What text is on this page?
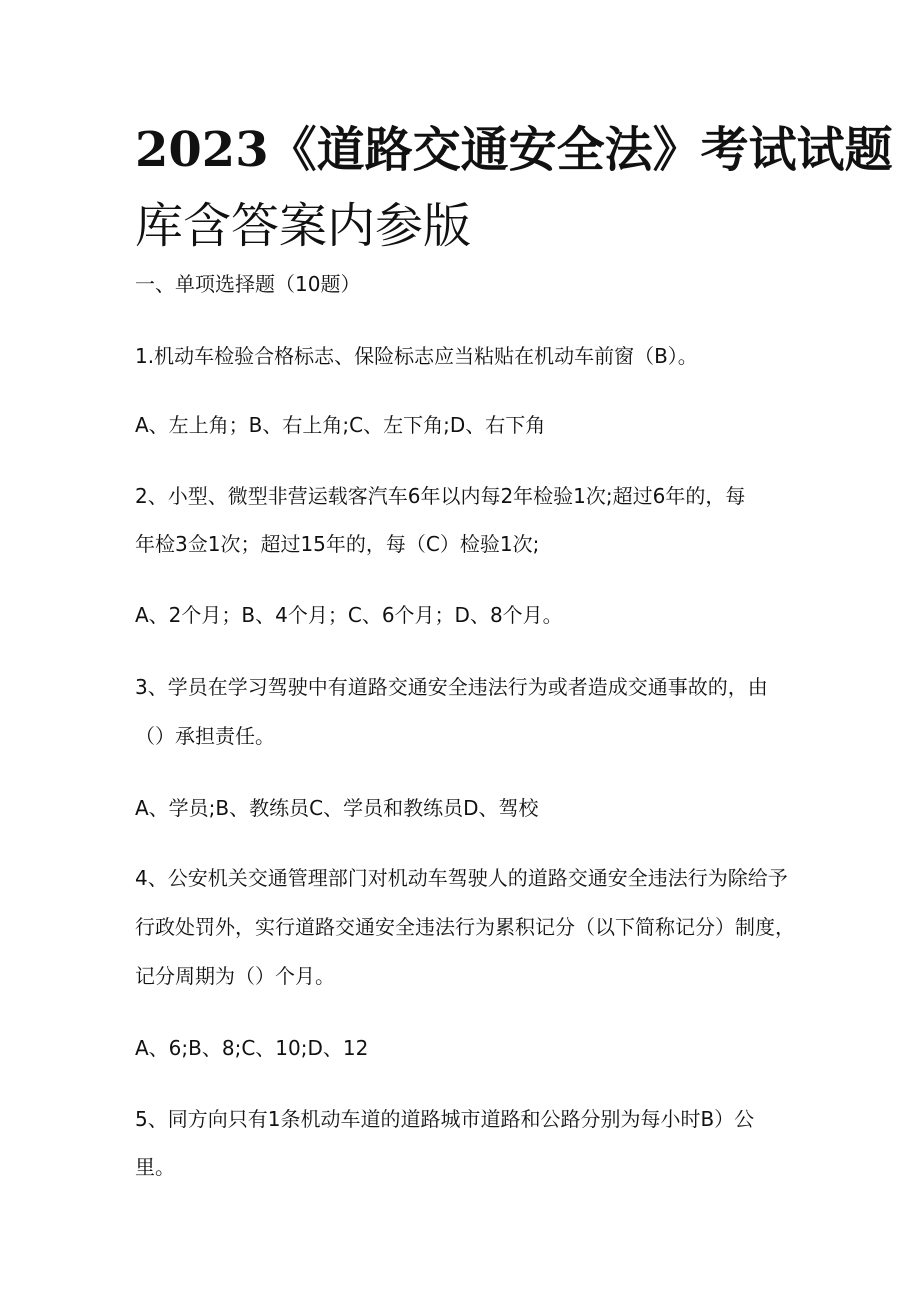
2023《道路交通安全法》考试试题
库含答案内参版

一、单项选择题（10题）

1.机动车检验合格标志、保险标志应当粘贴在机动车前窗（B）。

A、左上角；B、右上角;C、左下角;D、右下角

2、小型、微型非营运载客汽车6年以内每2年检验1次;超过6年的，每

年检3佥1次；超过15年的，每（C）检验1次;

A、2个月；B、4个月；C、6个月；D、8个月。

3、学员在学习驾驶中有道路交通安全违法行为或者造成交通事故的，由

（）承担责任。

A、学员;B、教练员C、学员和教练员D、驾校

4、公安机关交通管理部门对机动车驾驶人的道路交通安全违法行为除给予

行政处罚外，实行道路交通安全违法行为累积记分（以下简称记分）制度，

记分周期为（）个月。

A、6;B、8;C、10;D、12

5、同方向只有1条机动车道的道路城市道路和公路分别为每小时B）公

里。
